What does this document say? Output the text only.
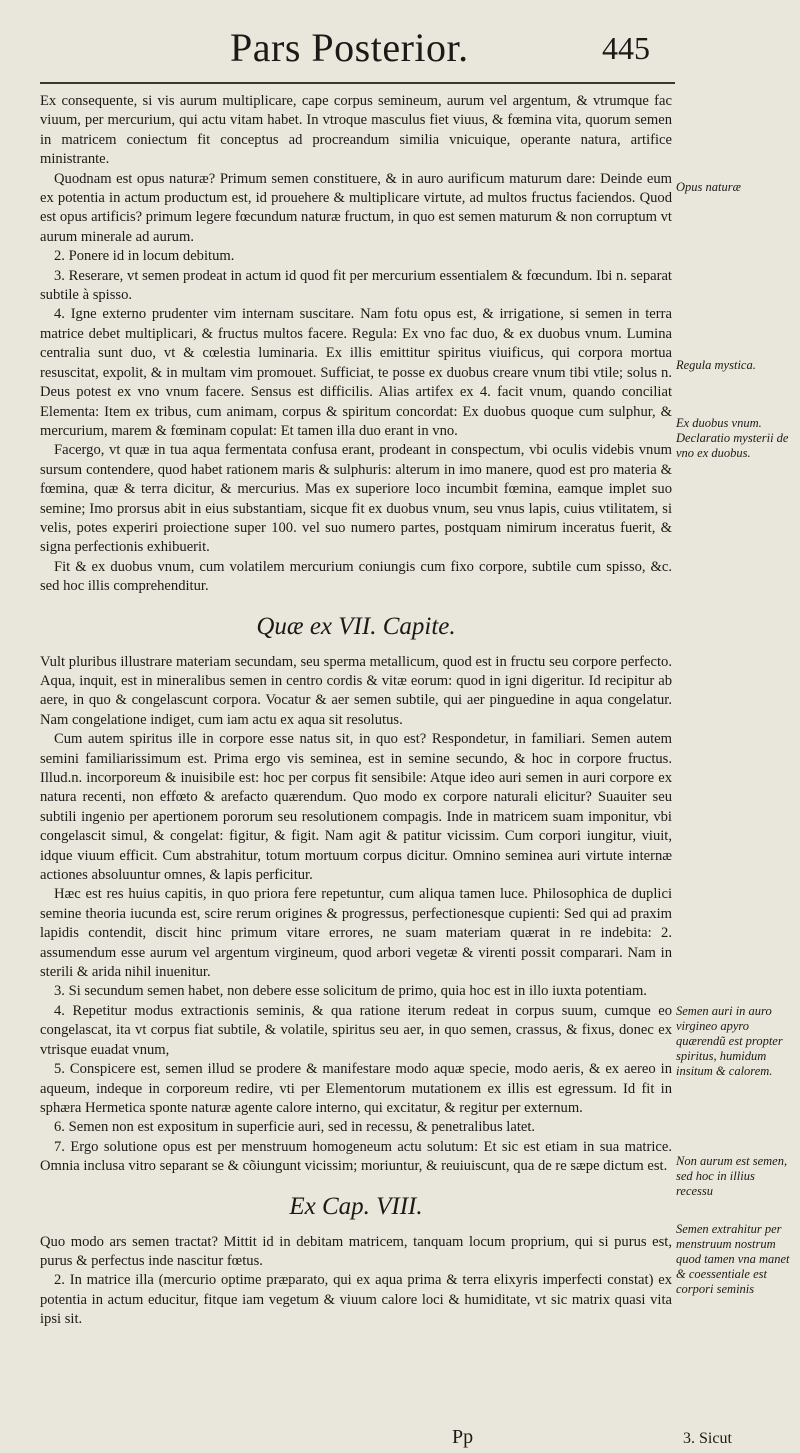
Pars Posterior.	445

Ex consequente, si vis aurum multiplicare, cape corpus semineum, aurum vel argentum, & vtrumque fac viuum, per mercurium, qui actu vitam habet. In vtroque masculus fiet viuus, & fœmina vita, quorum semen in matricem coniectum fit conceptus ad procreandum similia vnicuique, operante natura, artifice ministrante.

Quodnam est opus naturæ? Primum semen constituere, & in auro aurificum maturum dare: Deinde eum ex potentia in actum productum est, id prouehere & multiplicare virtute, ad multos fructus faciendos. Quod est opus artificis? primum legere fœcundum naturæ fructum, in quo est semen maturum & non corruptum vt aurum minerale ad aurum.

2. Ponere id in locum debitum.

3. Reserare, vt semen prodeat in actum id quod fit per mercurium essentialem & fœcundum. Ibi n. separat subtile à spisso.

4. Igne externo prudenter vim internam suscitare. Nam fotu opus est, & irrigatione, si semen in terra matrice debet multiplicari, & fructus multos facere. Regula: Ex vno fac duo, & ex duobus vnum. Lumina centralia sunt duo, vt & cœlestia luminaria. Ex illis emittitur spiritus viuificus, qui corpora mortua resuscitat, expolit, & in multam vim promouet. Sufficiat, te posse ex duobus creare vnum tibi vtile; solus n. Deus potest ex vno vnum facere. Sensus est difficilis. Alias artifex ex 4. facit vnum, quando conciliat Elementa: Item ex tribus, cum animam, corpus & spiritum concordat: Ex duobus quoque cum sulphur, & mercurium, marem & fœminam copulat: Et tamen illa duo erant in vno.

Facergo, vt quæ in tua aqua fermentata confusa erant, prodeant in conspectum, vbi oculis videbis vnum sursum contendere, quod habet rationem maris & sulphuris: alterum in imo manere, quod est pro materia & fœmina, quæ & terra dicitur, & mercurius. Mas ex superiore loco incumbit fœmina, eamque implet suo semine; Imo prorsus abit in eius substantiam, sicque fit ex duobus vnum, seu vnus lapis, cuius vtilitatem, si velis, potes experiri proiectione super 100. vel suo numero partes, postquam nimirum inceratus fuerit, & signa perfectionis exhibuerit.

Fit & ex duobus vnum, cum volatilem mercurium coniungis cum fixo corpore, subtile cum spisso, &c. sed hoc illis comprehenditur.

Quæ ex VII. Capite.

Vult pluribus illustrare materiam secundam, seu sperma metallicum, quod est in fructu seu corpore perfecto. Aqua, inquit, est in mineralibus semen in centro cordis & vitæ eorum: quod in igni digeritur. Id recipitur ab aere, in quo & congelascunt corpora. Vocatur & aer semen subtile, qui aer pinguedine in aqua congelatur. Nam congelatione indiget, cum iam actu ex aqua sit resolutus.

Cum autem spiritus ille in corpore esse natus sit, in quo est? Respondetur, in familiari. Semen autem semini familiarissimum est. Prima ergo vis seminea, est in semine secundo, & hoc in corpore fructus. Illud.n. incorporeum & inuisibile est: hoc per corpus fit sensibile: Atque ideo auri semen in auri corpore ex natura recenti, non effœto & arefacto quærendum. Quo modo ex corpore naturali elicitur? Suauiter seu subtili ingenio per apertionem pororum seu resolutionem compagis. Inde in matricem suam imponitur, vbi congelascit simul, & congelat: figitur, & figit. Nam agit & patitur vicissim. Cum corpori iungitur, viuit, idque viuum efficit. Cum abstrahitur, totum mortuum corpus dicitur. Omnino seminea auri virtute internæ actiones absoluuntur omnes, & lapis perficitur.

Hæc est res huius capitis, in quo priora fere repetuntur, cum aliqua tamen luce. Philosophica de duplici semine theoria iucunda est, scire rerum origines & progressus, perfectionesque cupienti: Sed qui ad praxim lapidis contendit, discit hinc primum vitare errores, ne suam materiam quærat in re indebita: 2. assumendum esse aurum vel argentum virgineum, quod arbori vegetæ & virenti possit comparari. Nam in sterili & arida nihil inuenitur.

3. Si secundum semen habet, non debere esse solicitum de primo, quia hoc est in illo iuxta potentiam.

4. Repetitur modus extractionis seminis, & qua ratione iterum redeat in corpus suum, cumque eo congelascat, ita vt corpus fiat subtile, & volatile, spiritus seu aer, in quo semen, crassus, & fixus, donec ex vtrisque euadat vnum,

5. Conspicere est, semen illud se prodere & manifestare modo aquæ specie, modo aeris, & ex aereo in aqueum, indeque in corporeum redire, vti per Elementorum mutationem ex illis est egressum. Id fit in sphæra Hermetica sponte naturæ agente calore interno, qui excitatur, & regitur per externum.

6. Semen non est expositum in superficie auri, sed in recessu, & penetralibus latet.

7. Ergo solutione opus est per menstruum homogeneum actu solutum: Et sic est etiam in sua matrice. Omnia inclusa vitro separant se & cõiungunt vicissim; moriuntur, & reuiuiscunt, qua de re sæpe dictum est.

Ex Cap. VIII.

Quo modo ars semen tractat? Mittit id in debitam matricem, tanquam locum proprium, qui si purus est, purus & perfectus inde nascitur fœtus.

2. In matrice illa (mercurio optime præparato, qui ex aqua prima & terra elixyris imperfecti constat) ex potentia in actum educitur, fitque iam vegetum & viuum calore loci & humiditate, vt sic matrix quasi vita ipsi sit.

Opus naturæ
Regula mystica.
Ex duobus vnum. Declaratio mysterii de vno ex duobus.
Semen auri in auro virgineo apyro quærendũ est propter spiritus, humidum insitum & calorem.
Non aurum est semen, sed hoc in illius recessu
Semen extrahitur per menstruum nostrum quod tamen vna manet & coessentiale est corpori seminis
Pp	3. Sicut
